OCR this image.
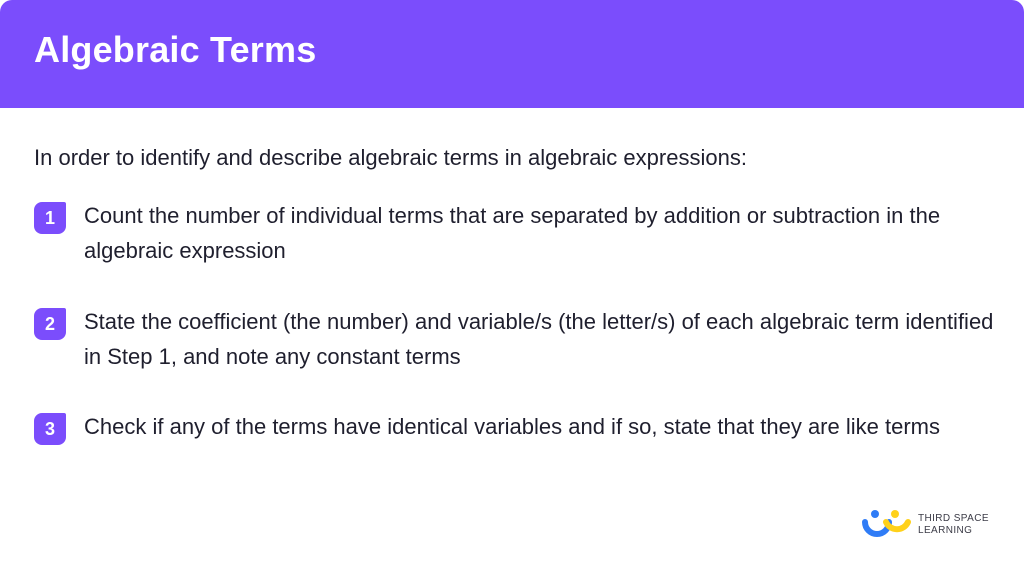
Algebraic Terms
In order to identify and describe algebraic terms in algebraic expressions:
1	Count the number of individual terms that are separated by addition or subtraction in the algebraic expression
2	State the coefficient (the number) and variable/s (the letter/s) of each algebraic term identified in Step 1, and note any constant terms
3	Check if any of the terms have identical variables and if so, state that they are like terms
THIRD SPACE
LEARNING
